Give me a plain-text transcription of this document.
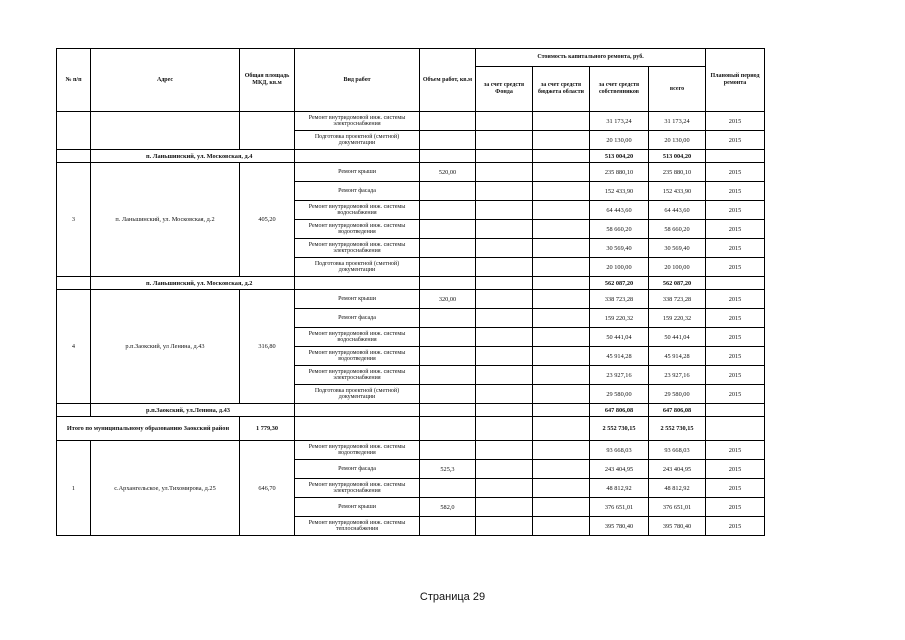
№ п/п	Адрес	Общая площадь МКД, кв.м	Вид работ	Объем работ, кв.м	Стоимость капитального ремонта, руб.				Плановый период ремонта
					за счет средств Фонда	за счет средств бюджета области	за счет средств собственников	всего	
			Ремонт внутридомовой инж. системы электроснабжения				31 173,24	31 173,24	2015
			Подготовка проектной (сметной) документации				20 130,00	20 130,00	2015
	п. Ланьшинский, ул. Московская, д.4						513 004,20	513 004,20	
3	п. Ланьшинский, ул. Московская, д.2	405,20	Ремонт крыши	520,00			235 880,10	235 880,10	2015
			Ремонт фасада				152 433,90	152 433,90	2015
			Ремонт внутридомовой инж. системы водоснабжения				64 443,60	64 443,60	2015
			Ремонт внутридомовой инж. системы водоотведения				58 660,20	58 660,20	2015
			Ремонт внутридомовой инж. системы электроснабжения				30 569,40	30 569,40	2015
			Подготовка проектной (сметной) документации				20 100,00	20 100,00	2015
	п. Ланьшинский, ул. Московская, д.2						562 087,20	562 087,20	
4	р.п.Заокский, ул Ленина, д.43	316,80	Ремонт крыши	320,00			338 723,28	338 723,28	2015
			Ремонт фасада				159 220,32	159 220,32	2015
			Ремонт внутридомовой инж. системы водоснабжения				50 441,04	50 441,04	2015
			Ремонт внутридомовой инж. системы водоотведения				45 914,28	45 914,28	2015
			Ремонт внутридомовой инж. системы электроснабжения				23 927,16	23 927,16	2015
			Подготовка проектной (сметной) документации				29 580,00	29 580,00	2015
	р.п.Заокский, ул.Ленина, д.43						647 806,08	647 806,08	
Итого по муниципальному образованию Заокский район		1 779,30					2 552 730,15	2 552 730,15	
1	с.Архангельское, ул.Тихомирова, д.25	646,70	Ремонт внутридомовой инж. системы водоотведения				93 668,03	93 668,03	2015
			Ремонт фасада	525,3			243 404,95	243 404,95	2015
			Ремонт внутридомовой инж. системы электроснабжения				48 812,92	48 812,92	2015
			Ремонт крыши	582,0			376 651,01	376 651,01	2015
			Ремонт внутридомовой инж. системы теплоснабжения				395 780,40	395 780,40	2015
Страница 29
